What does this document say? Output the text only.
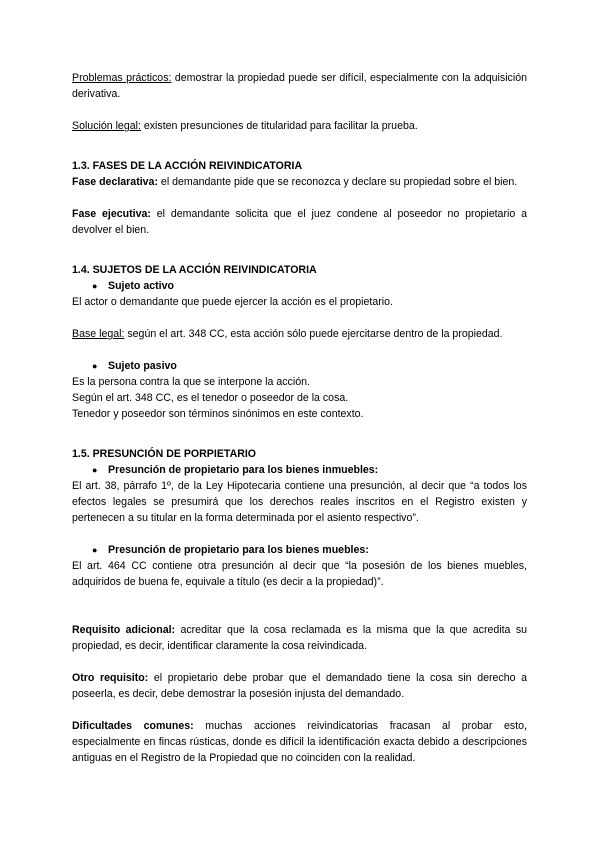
Problemas prácticos: demostrar la propiedad puede ser difícil, especialmente con la adquisición derivativa.

Solución legal: existen presunciones de titularidad para facilitar la prueba.

1.3. FASES DE LA ACCIÓN REIVINDICATORIA

Fase declarativa: el demandante pide que se reconozca y declare su propiedad sobre el bien.

Fase ejecutiva: el demandante solicita que el juez condene al poseedor no propietario a devolver el bien.

1.4. SUJETOS DE LA ACCIÓN REIVINDICATORIA

● Sujeto activo

El actor o demandante que puede ejercer la acción es el propietario.

Base legal: según el art. 348 CC, esta acción sólo puede ejercitarse dentro de la propiedad.

● Sujeto pasivo

Es la persona contra la que se interpone la acción.

Según el art. 348 CC, es el tenedor o poseedor de la cosa.

Tenedor y poseedor son términos sinónimos en este contexto.

1.5. PRESUNCIÓN DE PORPIETARIO

● Presunción de propietario para los bienes inmuebles:

El art. 38, párrafo 1º, de la Ley Hipotecaria contiene una presunción, al decir que “a todos los efectos legales se presumirá que los derechos reales inscritos en el Registro existen y pertenecen a su titular en la forma determinada por el asiento respectivo”.

● Presunción de propietario para los bienes muebles:

El art. 464 CC contiene otra presunción al decir que “la posesión de los bienes muebles, adquiridos de buena fe, equivale a título (es decir a la propiedad)”.

Requisito adicional: acreditar que la cosa reclamada es la misma que la que acredita su propiedad, es decir, identificar claramente la cosa reivindicada.

Otro requisito: el propietario debe probar que el demandado tiene la cosa sin derecho a poseerla, es decir, debe demostrar la posesión injusta del demandado.

Dificultades comunes: muchas acciones reivindicatorias fracasan al probar esto, especialmente en fincas rústicas, donde es difícil la identificación exacta debido a descripciones antiguas en el Registro de la Propiedad que no coinciden con la realidad.
